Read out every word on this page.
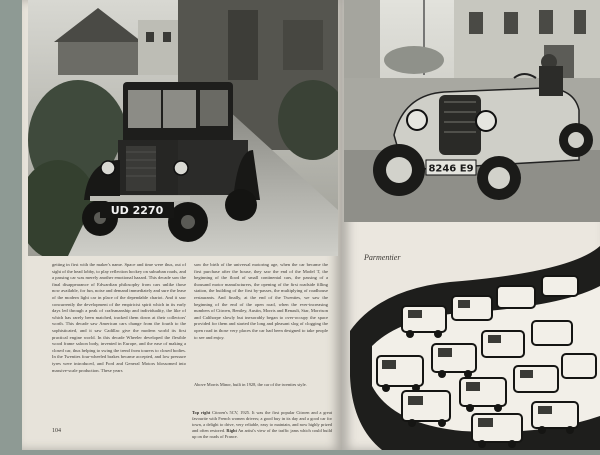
UD 2270

getting in first with the maker's name. Space and time were thus, out of sight of the head lobby, to play reflection hockey on suburban roads, and a passing car was merely another emotional hazard. This decade saw the final disappearance of Edwardian philosophy from cars unlike those now available, for fun, noise and demand immediately and sure the lease of the modern light car in place of the dependable chariot. And it saw concurrently the development of the empiricist spirit which in its early days led through a peak of craftsmanship and individuality, the like of which has rarely been matched, tracked them down at their collectors' worth. This decade saw American cars change from the fourth to the sophisticated, and it saw Cadillac give the modern world its first practical engine world. In this decade Wheeler developed the flexible wood frame saloon body, invented in Europe, and the ease of making a closed car, thus helping to swing the trend from tourers to closed bodies. In the Twenties four-wheeled brakes became accepted, and low pressure tyres were introduced, and Ford and General Motors blossomed into massive-scale production. These years

saw the birth of the universal motoring age, when the car became the first purchase after the house, they saw the end of the Model T, the beginning of the flood of small continental cars, the passing of a thousand motor manufacturers, the opening of the first roadside filling station, the building of the first by-passes, the multiplying of roadhouse restaurants. And finally, at the end of the Twenties, we saw the beginning of the end of the open road, when the ever-increasing numbers of Citroen, Bentley, Austin, Morris and Renault, Star, Morrison and Calthorpe slowly but inexorably began to over-occupy the space provided for them and started the long and pleasant slog of clogging the open road in those very places the car had been designed to take people to see and enjoy.

Above Morris Minor, built in 1928, the car of the twenties style.
104
8246 E9
Parmentier
Top right Citroen's 5CV, 1925. It was the first popular Citroen and a great favourite with French women drivers; a good buy in its day and a good car for town, a delight to drive, very reliable, easy to maintain, and now highly prized and often restored. Right An artist's view of the traffic jams which could build up on the roads of France.
